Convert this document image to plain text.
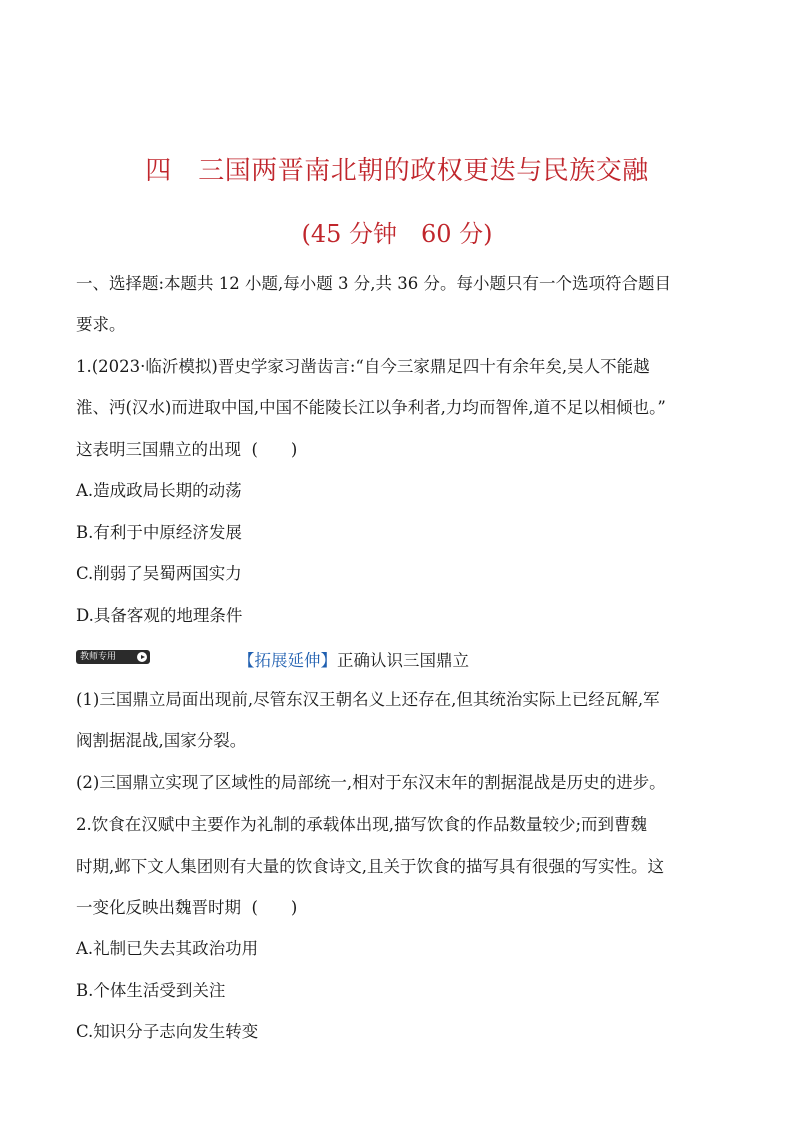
四　三国两晋南北朝的政权更迭与民族交融
(45 分钟　60 分)
一、选择题:本题共 12 小题,每小题 3 分,共 36 分。每小题只有一个选项符合题目
要求。
1.(2023·临沂模拟)晋史学家习凿齿言:“自今三家鼎足四十有余年矣,吴人不能越
淮、沔(汉水)而进取中国,中国不能陵长江以争利者,力均而智侔,道不足以相倾也。”
这表明三国鼎立的出现  (　　)
A.造成政局长期的动荡
B.有利于中原经济发展
C.削弱了吴蜀两国实力
D.具备客观的地理条件
教师专用	【拓展延伸】正确认识三国鼎立
(1)三国鼎立局面出现前,尽管东汉王朝名义上还存在,但其统治实际上已经瓦解,军
阀割据混战,国家分裂。
(2)三国鼎立实现了区域性的局部统一,相对于东汉末年的割据混战是历史的进步。
2.饮食在汉赋中主要作为礼制的承载体出现,描写饮食的作品数量较少;而到曹魏
时期,邺下文人集团则有大量的饮食诗文,且关于饮食的描写具有很强的写实性。这
一变化反映出魏晋时期  (　　)
A.礼制已失去其政治功用
B.个体生活受到关注
C.知识分子志向发生转变
